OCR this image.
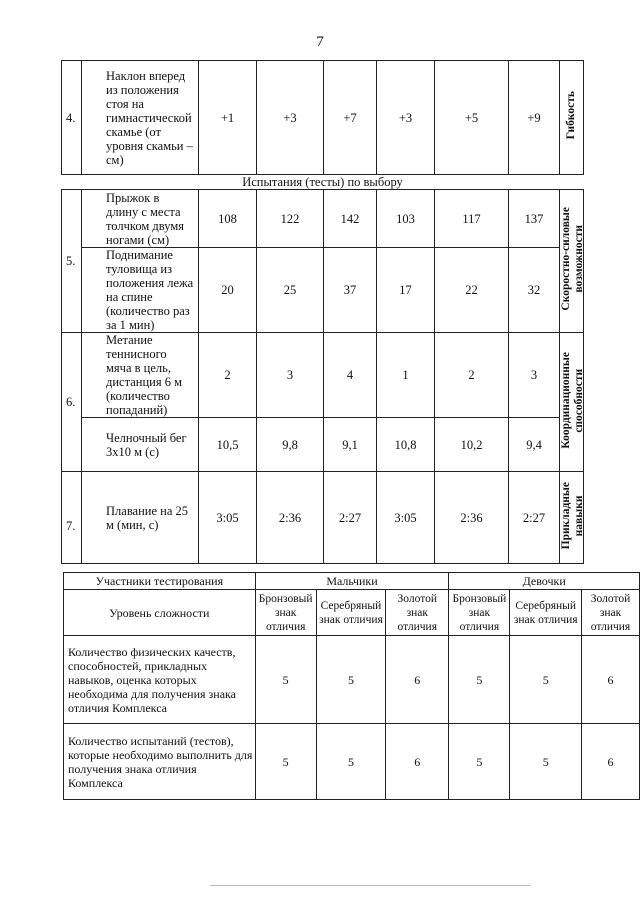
7
4.	Наклон вперед из положения стоя на гимнастической скамье (от уровня скамьи – см)	+1	+3	+7	+3	+5	+9	Гибкость
Испытания (тесты) по выбору								
5.	Прыжок в длину с места толчком двумя ногами (см)	108	122	142	103	117	137	Скоростно-силовые
возможности
	Поднимание туловища из положения лежа на спине (количество раз за 1 мин)	20	25	37	17	22	32	
6.	Метание теннисного мяча в цель, дистанция 6 м (количество попаданий)	2	3	4	1	2	3	Координационные
способности
	Челночный бег 3x10 м (с)	10,5	9,8	9,1	10,8	10,2	9,4	
7.	Плавание на 25 м (мин, с)	3:05	2:36	2:27	3:05	2:36	2:27	Прикладные
навыки
Участники тестирования	Мальчики			Девочки		
Уровень сложности	Бронзовый знак отличия	Серебряный знак отличия	Золотой знак отличия	Бронзовый знак отличия	Серебряный знак отличия	Золотой знак отличия
Количество физических качеств, способностей, прикладных навыков, оценка которых необходима для получения знака отличия Комплекса	5	5	6	5	5	6
Количество испытаний (тестов), которые необходимо выполнить для получения знака отличия Комплекса	5	5	6	5	5	6
